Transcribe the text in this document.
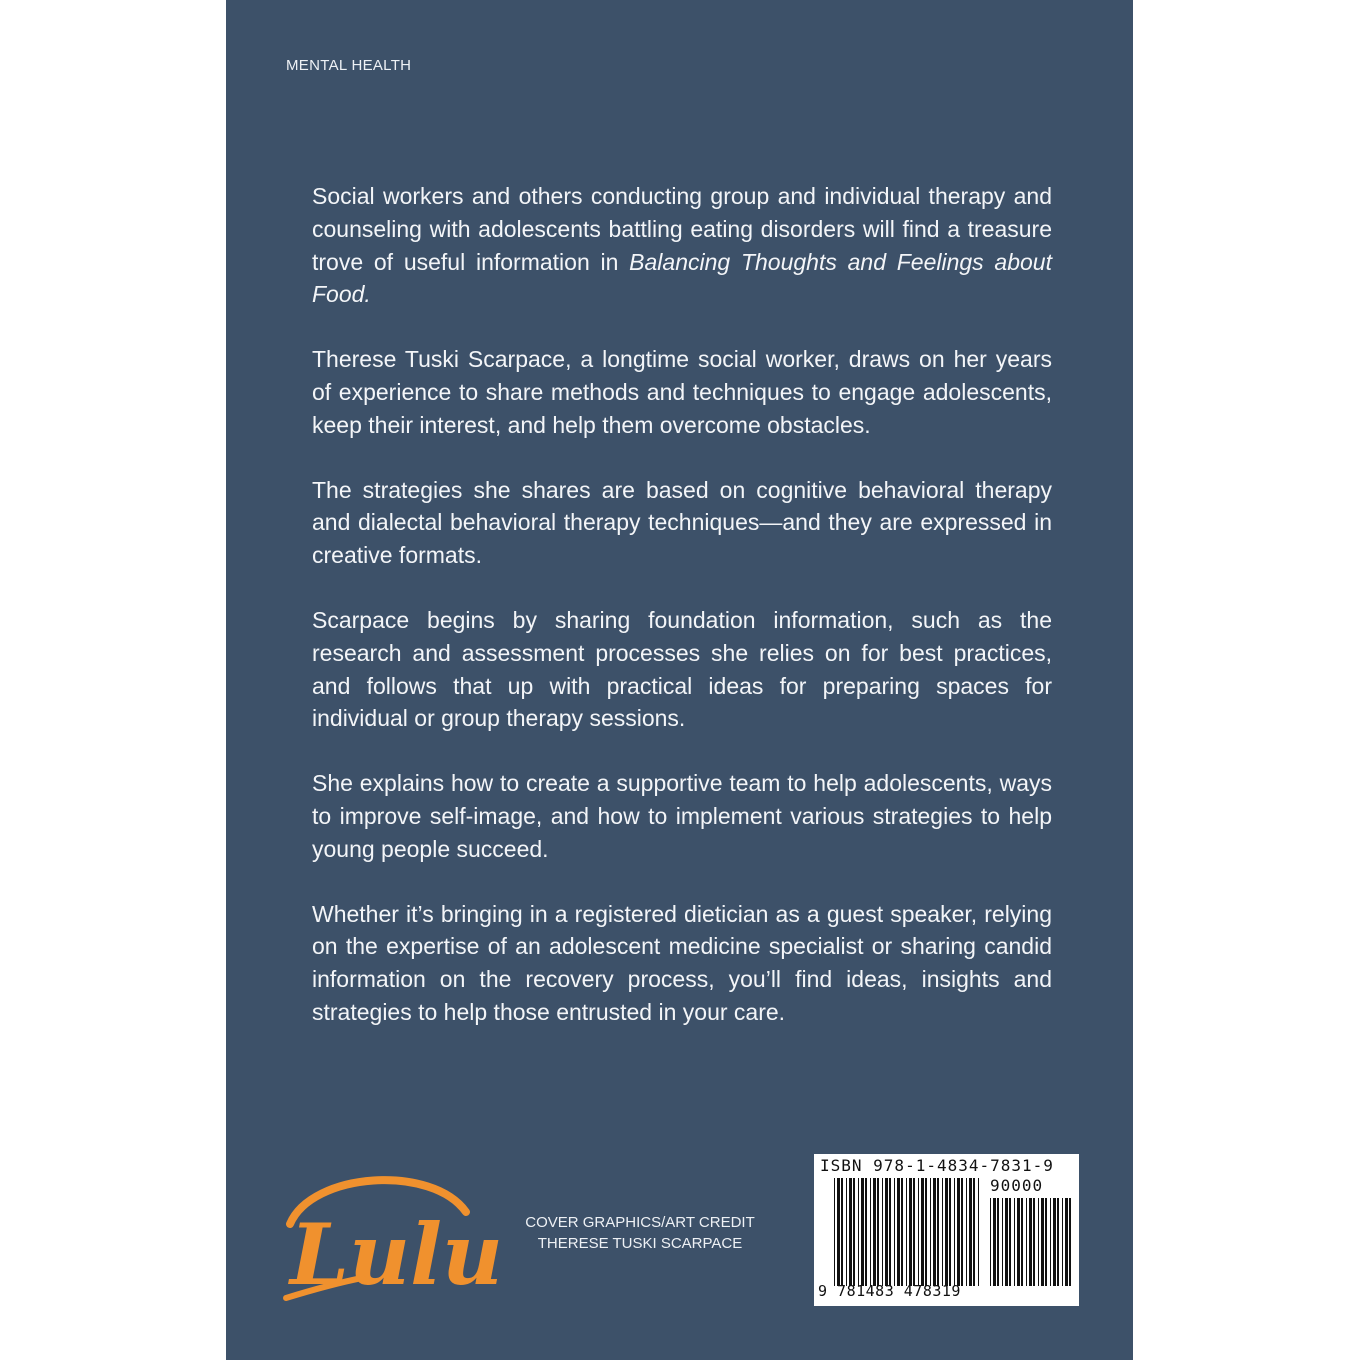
MENTAL HEALTH

Social workers and others conducting group and individual therapy and counseling with adolescents battling eating disorders will find a treasure trove of useful information in Balancing Thoughts and Feelings about Food.

Therese Tuski Scarpace, a longtime social worker, draws on her years of experience to share methods and techniques to engage adolescents, keep their interest, and help them overcome obstacles.

The strategies she shares are based on cognitive behavioral therapy and dialectal behavioral therapy techniques—and they are expressed in creative formats.

Scarpace begins by sharing foundation information, such as the research and assessment processes she relies on for best practices, and follows that up with practical ideas for preparing spaces for individual or group therapy sessions.

She explains how to create a supportive team to help adolescents, ways to improve self-image, and how to implement various strategies to help young people succeed.

Whether it’s bringing in a registered dietician as a guest speaker, relying on the expertise of an adolescent medicine specialist or sharing candid information on the recovery process, you’ll find ideas, insights and strategies to help those entrusted in your care.

Lulu	COVER GRAPHICS/ART CREDIT
THERESE TUSKI SCARPACE
ISBN 978-1-4834-7831-9
90000
9 781483 478319
